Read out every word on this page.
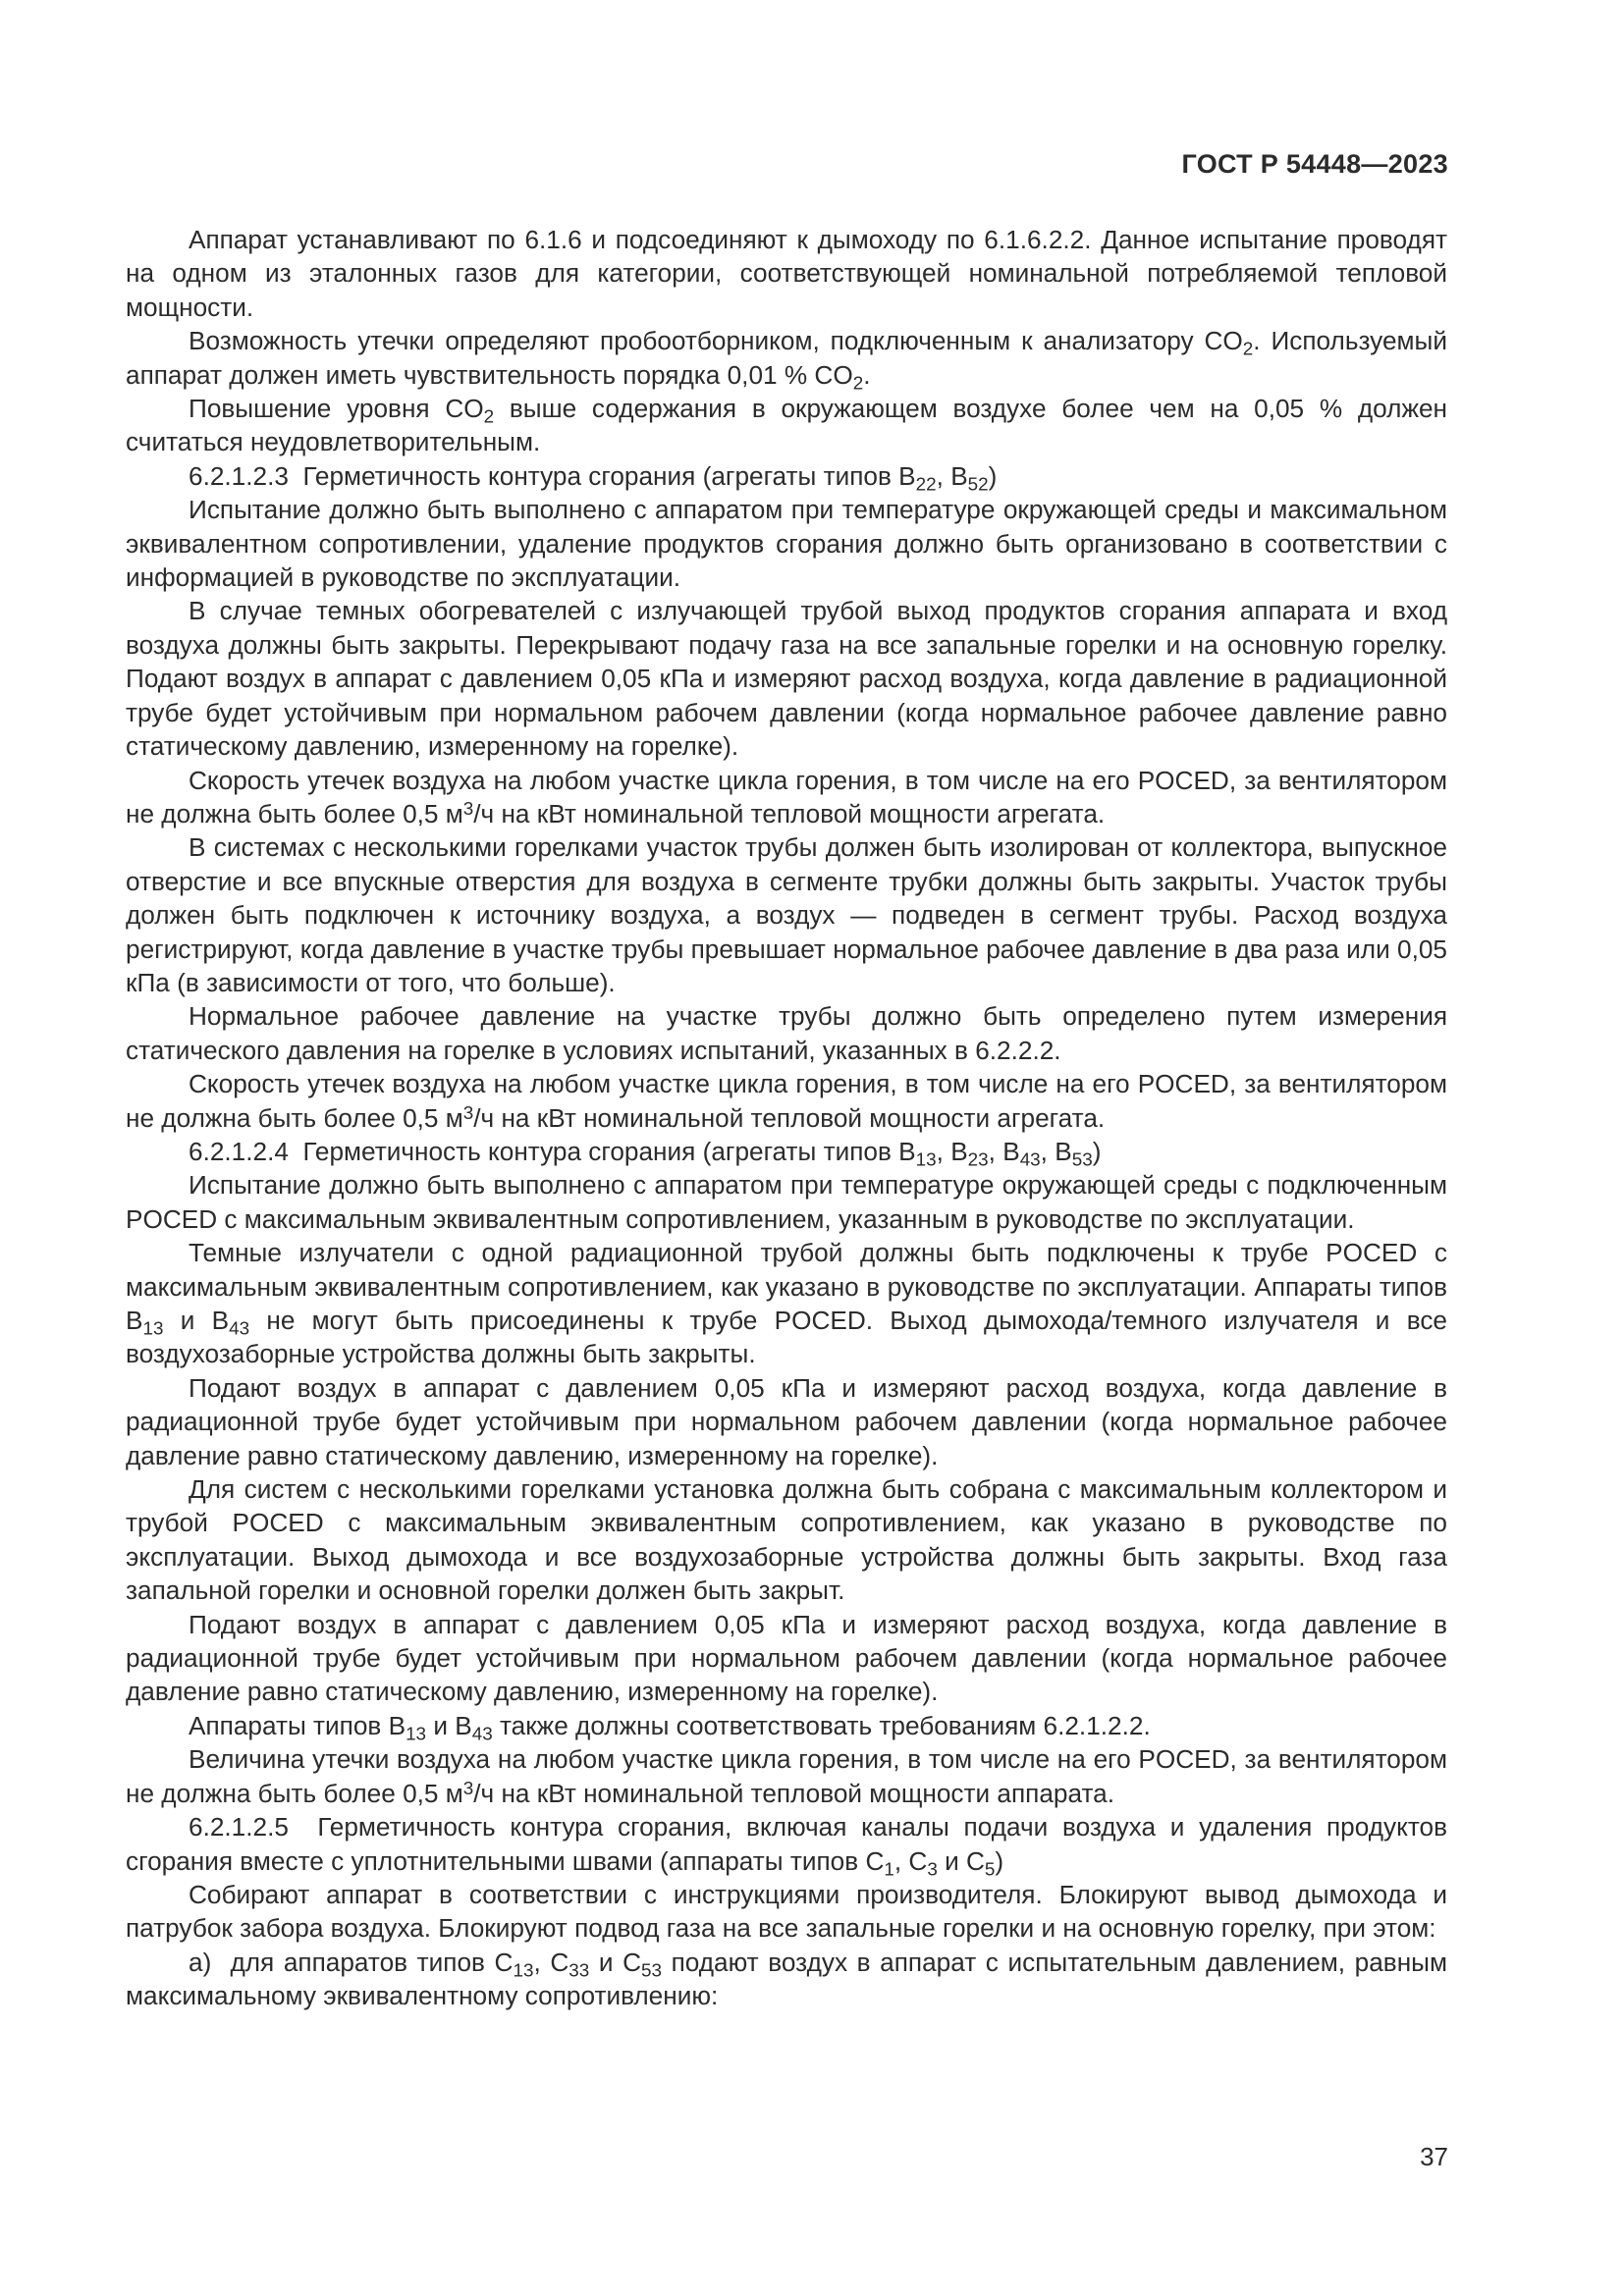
ГОСТ Р 54448—2023

Аппарат устанавливают по 6.1.6 и подсоединяют к дымоходу по 6.1.6.2.2. Данное испытание проводят на одном из эталонных газов для категории, соответствующей номинальной потребляемой тепловой мощности.

Возможность утечки определяют пробоотборником, подключенным к анализатору $CO_2$. Используемый аппарат должен иметь чувствительность порядка 0,01 % $CO_2$.

Повышение уровня $CO_2$ выше содержания в окружающем воздухе более чем на 0,05 % должен считаться неудовлетворительным.

6.2.1.2.3  Герметичность контура сгорания (агрегаты типов $В_{22}$, $В_{52}$)

Испытание должно быть выполнено с аппаратом при температуре окружающей среды и максимальном эквивалентном сопротивлении, удаление продуктов сгорания должно быть организовано в соответствии с информацией в руководстве по эксплуатации.

В случае темных обогревателей с излучающей трубой выход продуктов сгорания аппарата и вход воздуха должны быть закрыты. Перекрывают подачу газа на все запальные горелки и на основную горелку. Подают воздух в аппарат с давлением 0,05 кПа и измеряют расход воздуха, когда давление в радиационной трубе будет устойчивым при нормальном рабочем давлении (когда нормальное рабочее давление равно статическому давлению, измеренному на горелке).

Скорость утечек воздуха на любом участке цикла горения, в том числе на его POCED, за вентилятором не должна быть более 0,5 $м^3/ч$ на кВт номинальной тепловой мощности агрегата.

В системах с несколькими горелками участок трубы должен быть изолирован от коллектора, выпускное отверстие и все впускные отверстия для воздуха в сегменте трубки должны быть закрыты. Участок трубы должен быть подключен к источнику воздуха, а воздух — подведен в сегмент трубы. Расход воздуха регистрируют, когда давление в участке трубы превышает нормальное рабочее давление в два раза или 0,05 кПа (в зависимости от того, что больше).

Нормальное рабочее давление на участке трубы должно быть определено путем измерения статического давления на горелке в условиях испытаний, указанных в 6.2.2.2.

Скорость утечек воздуха на любом участке цикла горения, в том числе на его POCED, за вентилятором не должна быть более 0,5 $м^3/ч$ на кВт номинальной тепловой мощности агрегата.

6.2.1.2.4  Герметичность контура сгорания (агрегаты типов $В_{13}$, $В_{23}$, $В_{43}$, $В_{53}$)

Испытание должно быть выполнено с аппаратом при температуре окружающей среды с подключенным POCED с максимальным эквивалентным сопротивлением, указанным в руководстве по эксплуатации.

Темные излучатели с одной радиационной трубой должны быть подключены к трубе POCED с максимальным эквивалентным сопротивлением, как указано в руководстве по эксплуатации. Аппараты типов $В_{13}$ и $В_{43}$ не могут быть присоединены к трубе POCED. Выход дымохода/темного излучателя и все воздухозаборные устройства должны быть закрыты.

Подают воздух в аппарат с давлением 0,05 кПа и измеряют расход воздуха, когда давление в радиационной трубе будет устойчивым при нормальном рабочем давлении (когда нормальное рабочее давление равно статическому давлению, измеренному на горелке).

Для систем с несколькими горелками установка должна быть собрана с максимальным коллектором и трубой POCED с максимальным эквивалентным сопротивлением, как указано в руководстве по эксплуатации. Выход дымохода и все воздухозаборные устройства должны быть закрыты. Вход газа запальной горелки и основной горелки должен быть закрыт.

Подают воздух в аппарат с давлением 0,05 кПа и измеряют расход воздуха, когда давление в радиационной трубе будет устойчивым при нормальном рабочем давлении (когда нормальное рабочее давление равно статическому давлению, измеренному на горелке).

Аппараты типов $В_{13}$ и $В_{43}$ также должны соответствовать требованиям 6.2.1.2.2.

Величина утечки воздуха на любом участке цикла горения, в том числе на его POCED, за вентилятором не должна быть более 0,5 $м^3/ч$ на кВт номинальной тепловой мощности аппарата.

6.2.1.2.5  Герметичность контура сгорания, включая каналы подачи воздуха и удаления продуктов сгорания вместе с уплотнительными швами (аппараты типов $С_1$, $С_3$ и $С_5$)

Собирают аппарат в соответствии с инструкциями производителя. Блокируют вывод дымохода и патрубок забора воздуха. Блокируют подвод газа на все запальные горелки и на основную горелку, при этом:

а)  для аппаратов типов $С_{13}$, $С_{33}$ и $С_{53}$ подают воздух в аппарат с испытательным давлением, равным максимальному эквивалентному сопротивлению:

37
